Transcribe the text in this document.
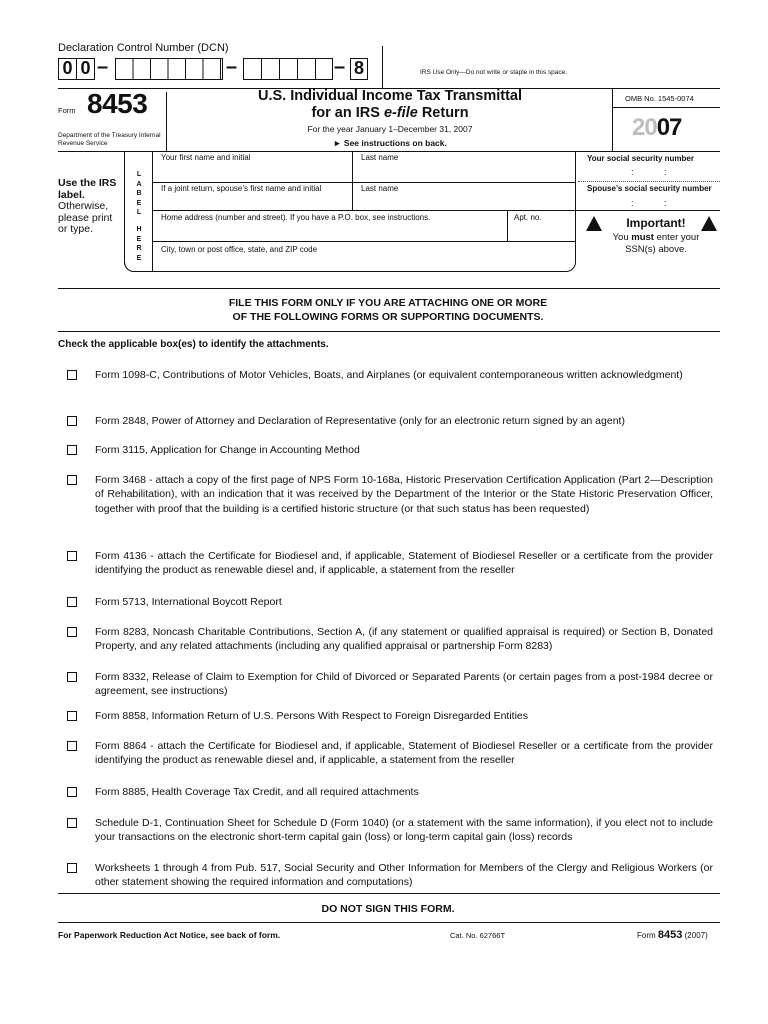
Declaration Control Number (DCN)
0 0 –	–	– 8	IRS Use Only—Do not write or staple in this space.
Form 8453
Department of the Treasury Internal Revenue Service
U.S. Individual Income Tax Transmittal
for an IRS e-file Return
For the year January 1–December 31, 2007
► See instructions on back.
OMB No. 1545-0074
2007
Use the IRS label. Otherwise, please print or type.
L A B E L
H E R E
Your first name and initial	Last name
If a joint return, spouse’s first name and initial	Last name
Home address (number and street). If you have a P.O. box, see instructions.	Apt. no.
City, town or post office, state, and ZIP code
Your social security number
: :
Spouse’s social security number
: :
Important!
You must enter your SSN(s) above.
FILE THIS FORM ONLY IF YOU ARE ATTACHING ONE OR MORE
OF THE FOLLOWING FORMS OR SUPPORTING DOCUMENTS.
Check the applicable box(es) to identify the attachments.
Form 1098-C, Contributions of Motor Vehicles, Boats, and Airplanes (or equivalent contemporaneous written acknowledgment)
Form 2848, Power of Attorney and Declaration of Representative (only for an electronic return signed by an agent)
Form 3115, Application for Change in Accounting Method
Form 3468 - attach a copy of the first page of NPS Form 10-168a, Historic Preservation Certification Application (Part 2—Description of Rehabilitation), with an indication that it was received by the Department of the Interior or the State Historic Preservation Officer, together with proof that the building is a certified historic structure (or that such status has been requested)
Form 4136 - attach the Certificate for Biodiesel and, if applicable, Statement of Biodiesel Reseller or a certificate from the provider identifying the product as renewable diesel and, if applicable, a statement from the reseller
Form 5713, International Boycott Report
Form 8283, Noncash Charitable Contributions, Section A, (if any statement or qualified appraisal is required) or Section B, Donated Property, and any related attachments (including any qualified appraisal or partnership Form 8283)
Form 8332, Release of Claim to Exemption for Child of Divorced or Separated Parents (or certain pages from a post-1984 decree or agreement, see instructions)
Form 8858, Information Return of U.S. Persons With Respect to Foreign Disregarded Entities
Form 8864 - attach the Certificate for Biodiesel and, if applicable, Statement of Biodiesel Reseller or a certificate from the provider identifying the product as renewable diesel and, if applicable, a statement from the reseller
Form 8885, Health Coverage Tax Credit, and all required attachments
Schedule D-1, Continuation Sheet for Schedule D (Form 1040) (or a statement with the same information), if you elect not to include your transactions on the electronic short-term capital gain (loss) or long-term capital gain (loss) records
Worksheets 1 through 4 from Pub. 517, Social Security and Other Information for Members of the Clergy and Religious Workers (or other statement showing the required information and computations)
DO NOT SIGN THIS FORM.
For Paperwork Reduction Act Notice, see back of form.	Cat. No. 62766T	Form 8453 (2007)
